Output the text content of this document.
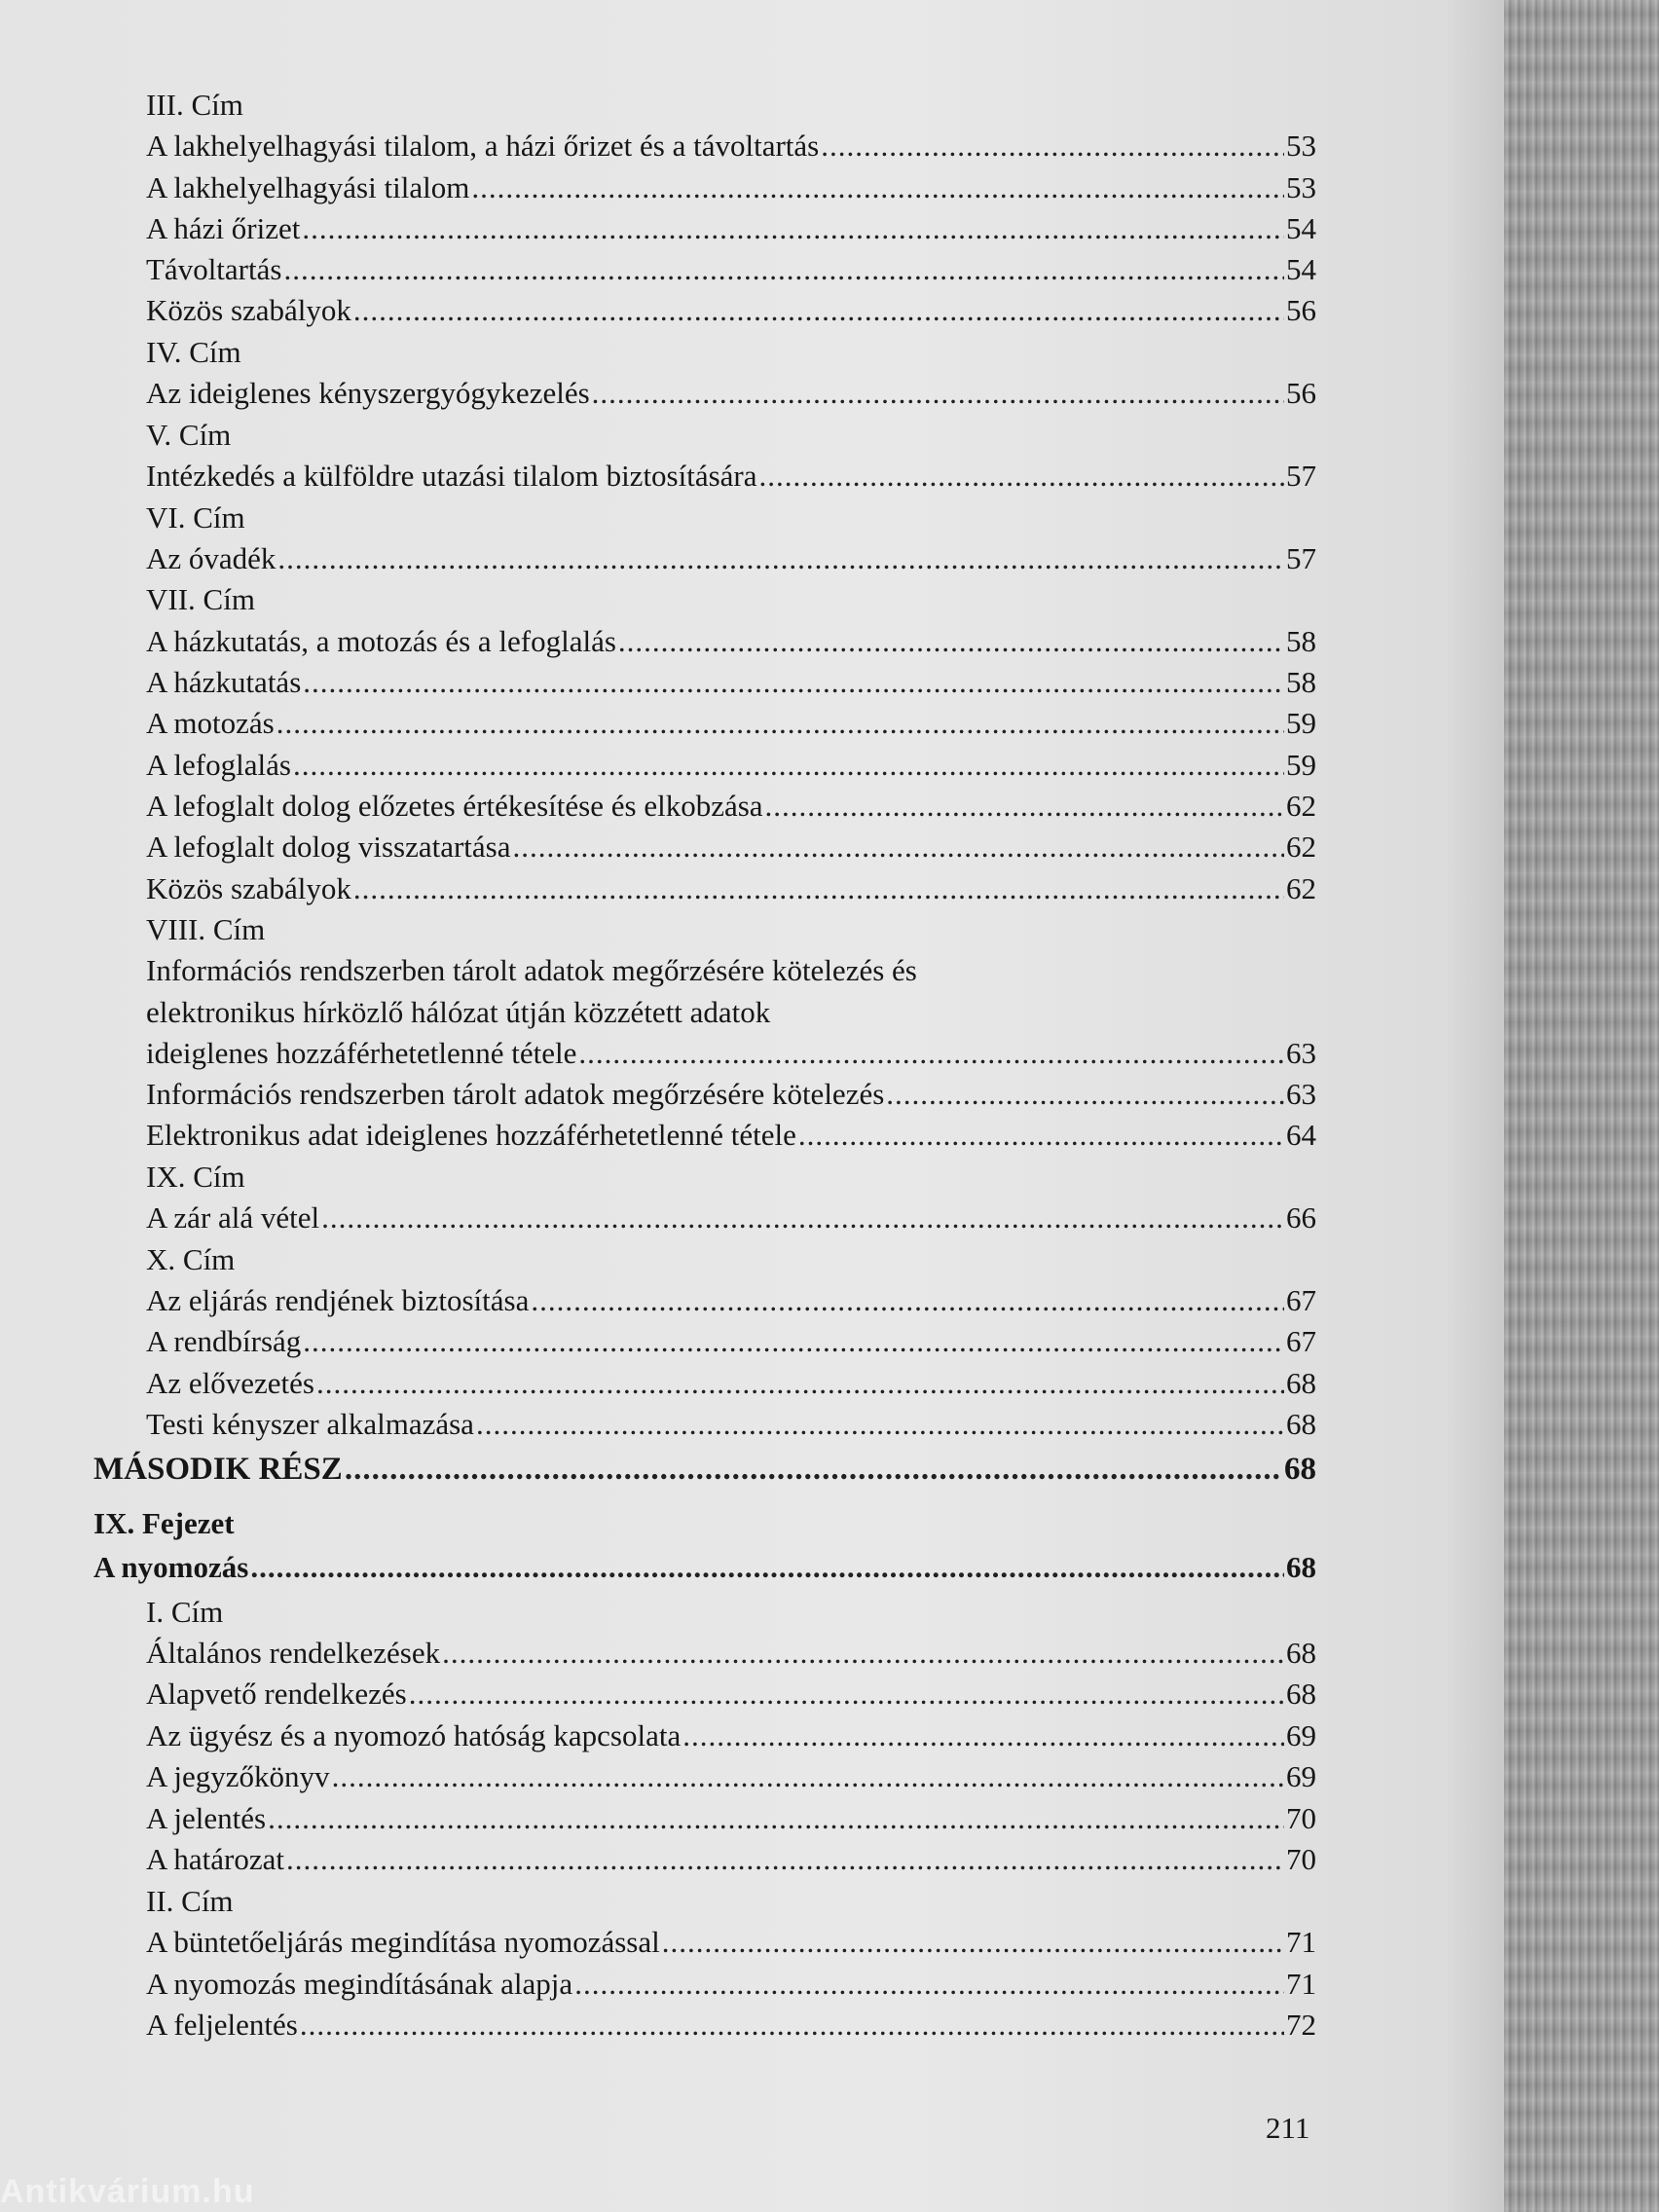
III. Cím
A lakhelyelhagyási tilalom, a házi őrizet és a távoltartás .....	53
A lakhelyelhagyási tilalom .....	53
A házi őrizet .....	54
Távoltartás .....	54
Közös szabályok .....	56
IV. Cím
Az ideiglenes kényszergyógykezelés .....	56
V. Cím
Intézkedés a külföldre utazási tilalom biztosítására .....	57
VI. Cím
Az óvadék .....	57
VII. Cím
A házkutatás, a motozás és a lefoglalás .....	58
A házkutatás .....	58
A motozás .....	59
A lefoglalás .....	59
A lefoglalt dolog előzetes értékesítése és elkobzása .....	62
A lefoglalt dolog visszatartása .....	62
Közös szabályok .....	62
VIII. Cím
Információs rendszerben tárolt adatok megőrzésére kötelezés és
elektronikus hírközlő hálózat útján közzétett adatok
ideiglenes hozzáférhetetlenné tétele .....	63
Információs rendszerben tárolt adatok megőrzésére kötelezés .....	63
Elektronikus adat ideiglenes hozzáférhetetlenné tétele .....	64
IX. Cím
A zár alá vétel .....	66
X. Cím
Az eljárás rendjének biztosítása .....	67
A rendbírság .....	67
Az elővezetés .....	68
Testi kényszer alkalmazása .....	68
MÁSODIK RÉSZ .....	68
IX. Fejezet
A nyomozás .....	68
I. Cím
Általános rendelkezések .....	68
Alapvető rendelkezés .....	68
Az ügyész és a nyomozó hatóság kapcsolata .....	69
A jegyzőkönyv .....	69
A jelentés .....	70
A határozat .....	70
II. Cím
A büntetőeljárás megindítása nyomozással .....	71
A nyomozás megindításának alapja .....	71
A feljelentés .....	72
211
Antikvárium.hu
